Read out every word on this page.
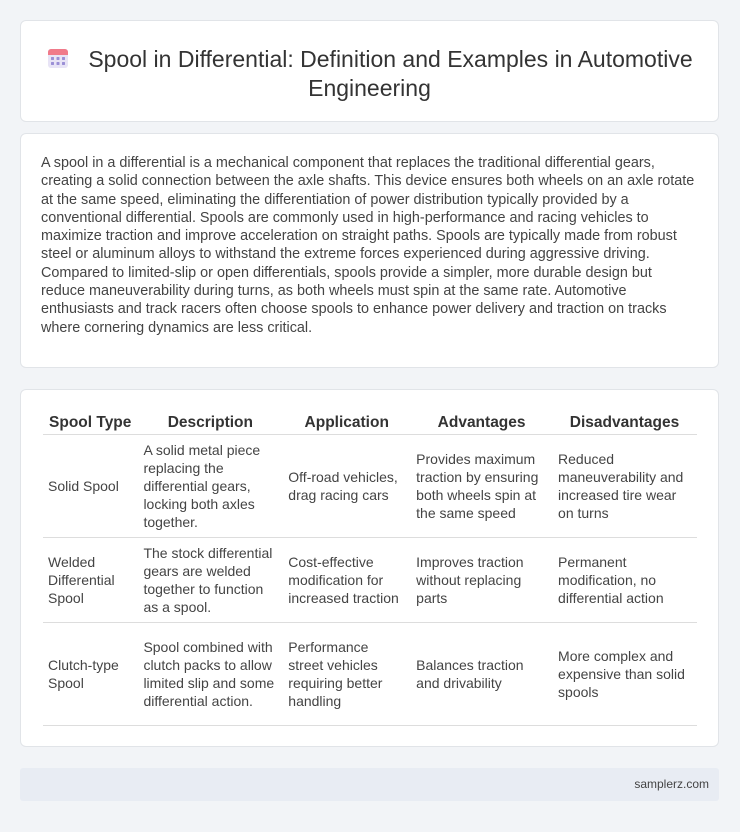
Spool in Differential: Definition and Examples in Automotive Engineering

A spool in a differential is a mechanical component that replaces the traditional differential gears, creating a solid connection between the axle shafts. This device ensures both wheels on an axle rotate at the same speed, eliminating the differentiation of power distribution typically provided by a conventional differential. Spools are commonly used in high-performance and racing vehicles to maximize traction and improve acceleration on straight paths. Spools are typically made from robust steel or aluminum alloys to withstand the extreme forces experienced during aggressive driving. Compared to limited-slip or open differentials, spools provide a simpler, more durable design but reduce maneuverability during turns, as both wheels must spin at the same rate. Automotive enthusiasts and track racers often choose spools to enhance power delivery and traction on tracks where cornering dynamics are less critical.

Spool Type	Description	Application	Advantages	Disadvantages
Solid Spool	A solid metal piece replacing the differential gears, locking both axles together.	Off-road vehicles, drag racing cars	Provides maximum traction by ensuring both wheels spin at the same speed	Reduced maneuverability and increased tire wear on turns
Welded Differential Spool	The stock differential gears are welded together to function as a spool.	Cost-effective modification for increased traction	Improves traction without replacing parts	Permanent modification, no differential action
Clutch-type Spool	Spool combined with clutch packs to allow limited slip and some differential action.	Performance street vehicles requiring better handling	Balances traction and drivability	More complex and expensive than solid spools
samplerz.com
